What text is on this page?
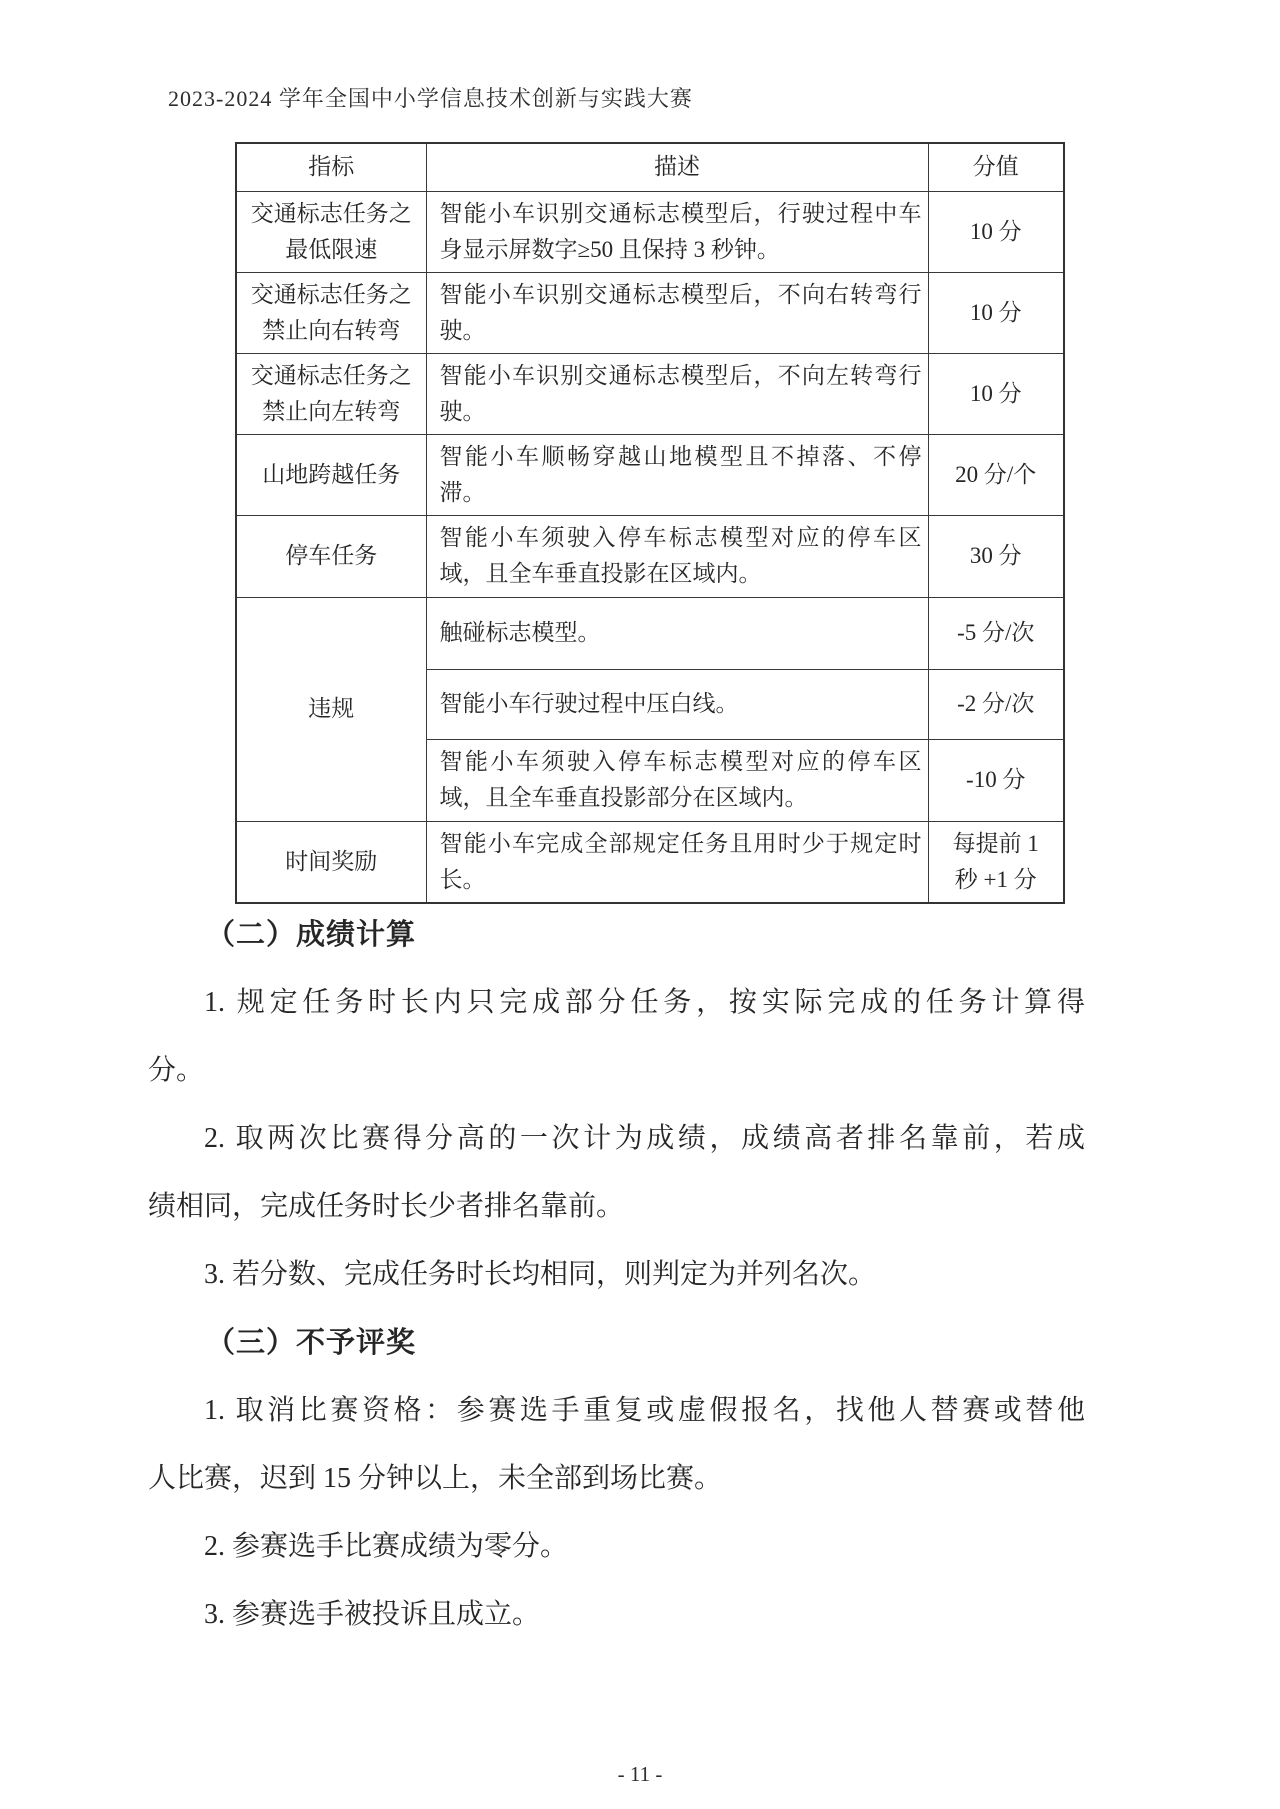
2023-2024 学年全国中小学信息技术创新与实践大赛
指标	描述	分值
交通标志任务之最低限速	智能小车识别交通标志模型后，行驶过程中车身显示屏数字≥50 且保持 3 秒钟。	10 分
交通标志任务之禁止向右转弯	智能小车识别交通标志模型后，不向右转弯行驶。	10 分
交通标志任务之禁止向左转弯	智能小车识别交通标志模型后，不向左转弯行驶。	10 分
山地跨越任务	智能小车顺畅穿越山地模型且不掉落、不停滞。	20 分/个
停车任务	智能小车须驶入停车标志模型对应的停车区域，且全车垂直投影在区域内。	30 分
违规	触碰标志模型。	-5 分/次
	智能小车行驶过程中压白线。	-2 分/次
	智能小车须驶入停车标志模型对应的停车区域，且全车垂直投影部分在区域内。	-10 分
时间奖励	智能小车完成全部规定任务且用时少于规定时长。	每提前 1 秒 +1 分
（二）成绩计算
1. 规定任务时长内只完成部分任务，按实际完成的任务计算得
分。
2. 取两次比赛得分高的一次计为成绩，成绩高者排名靠前，若成
绩相同，完成任务时长少者排名靠前。
3. 若分数、完成任务时长均相同，则判定为并列名次。
（三）不予评奖
1. 取消比赛资格：参赛选手重复或虚假报名，找他人替赛或替他
人比赛，迟到 15 分钟以上，未全部到场比赛。
2. 参赛选手比赛成绩为零分。
3. 参赛选手被投诉且成立。
- 11 -
